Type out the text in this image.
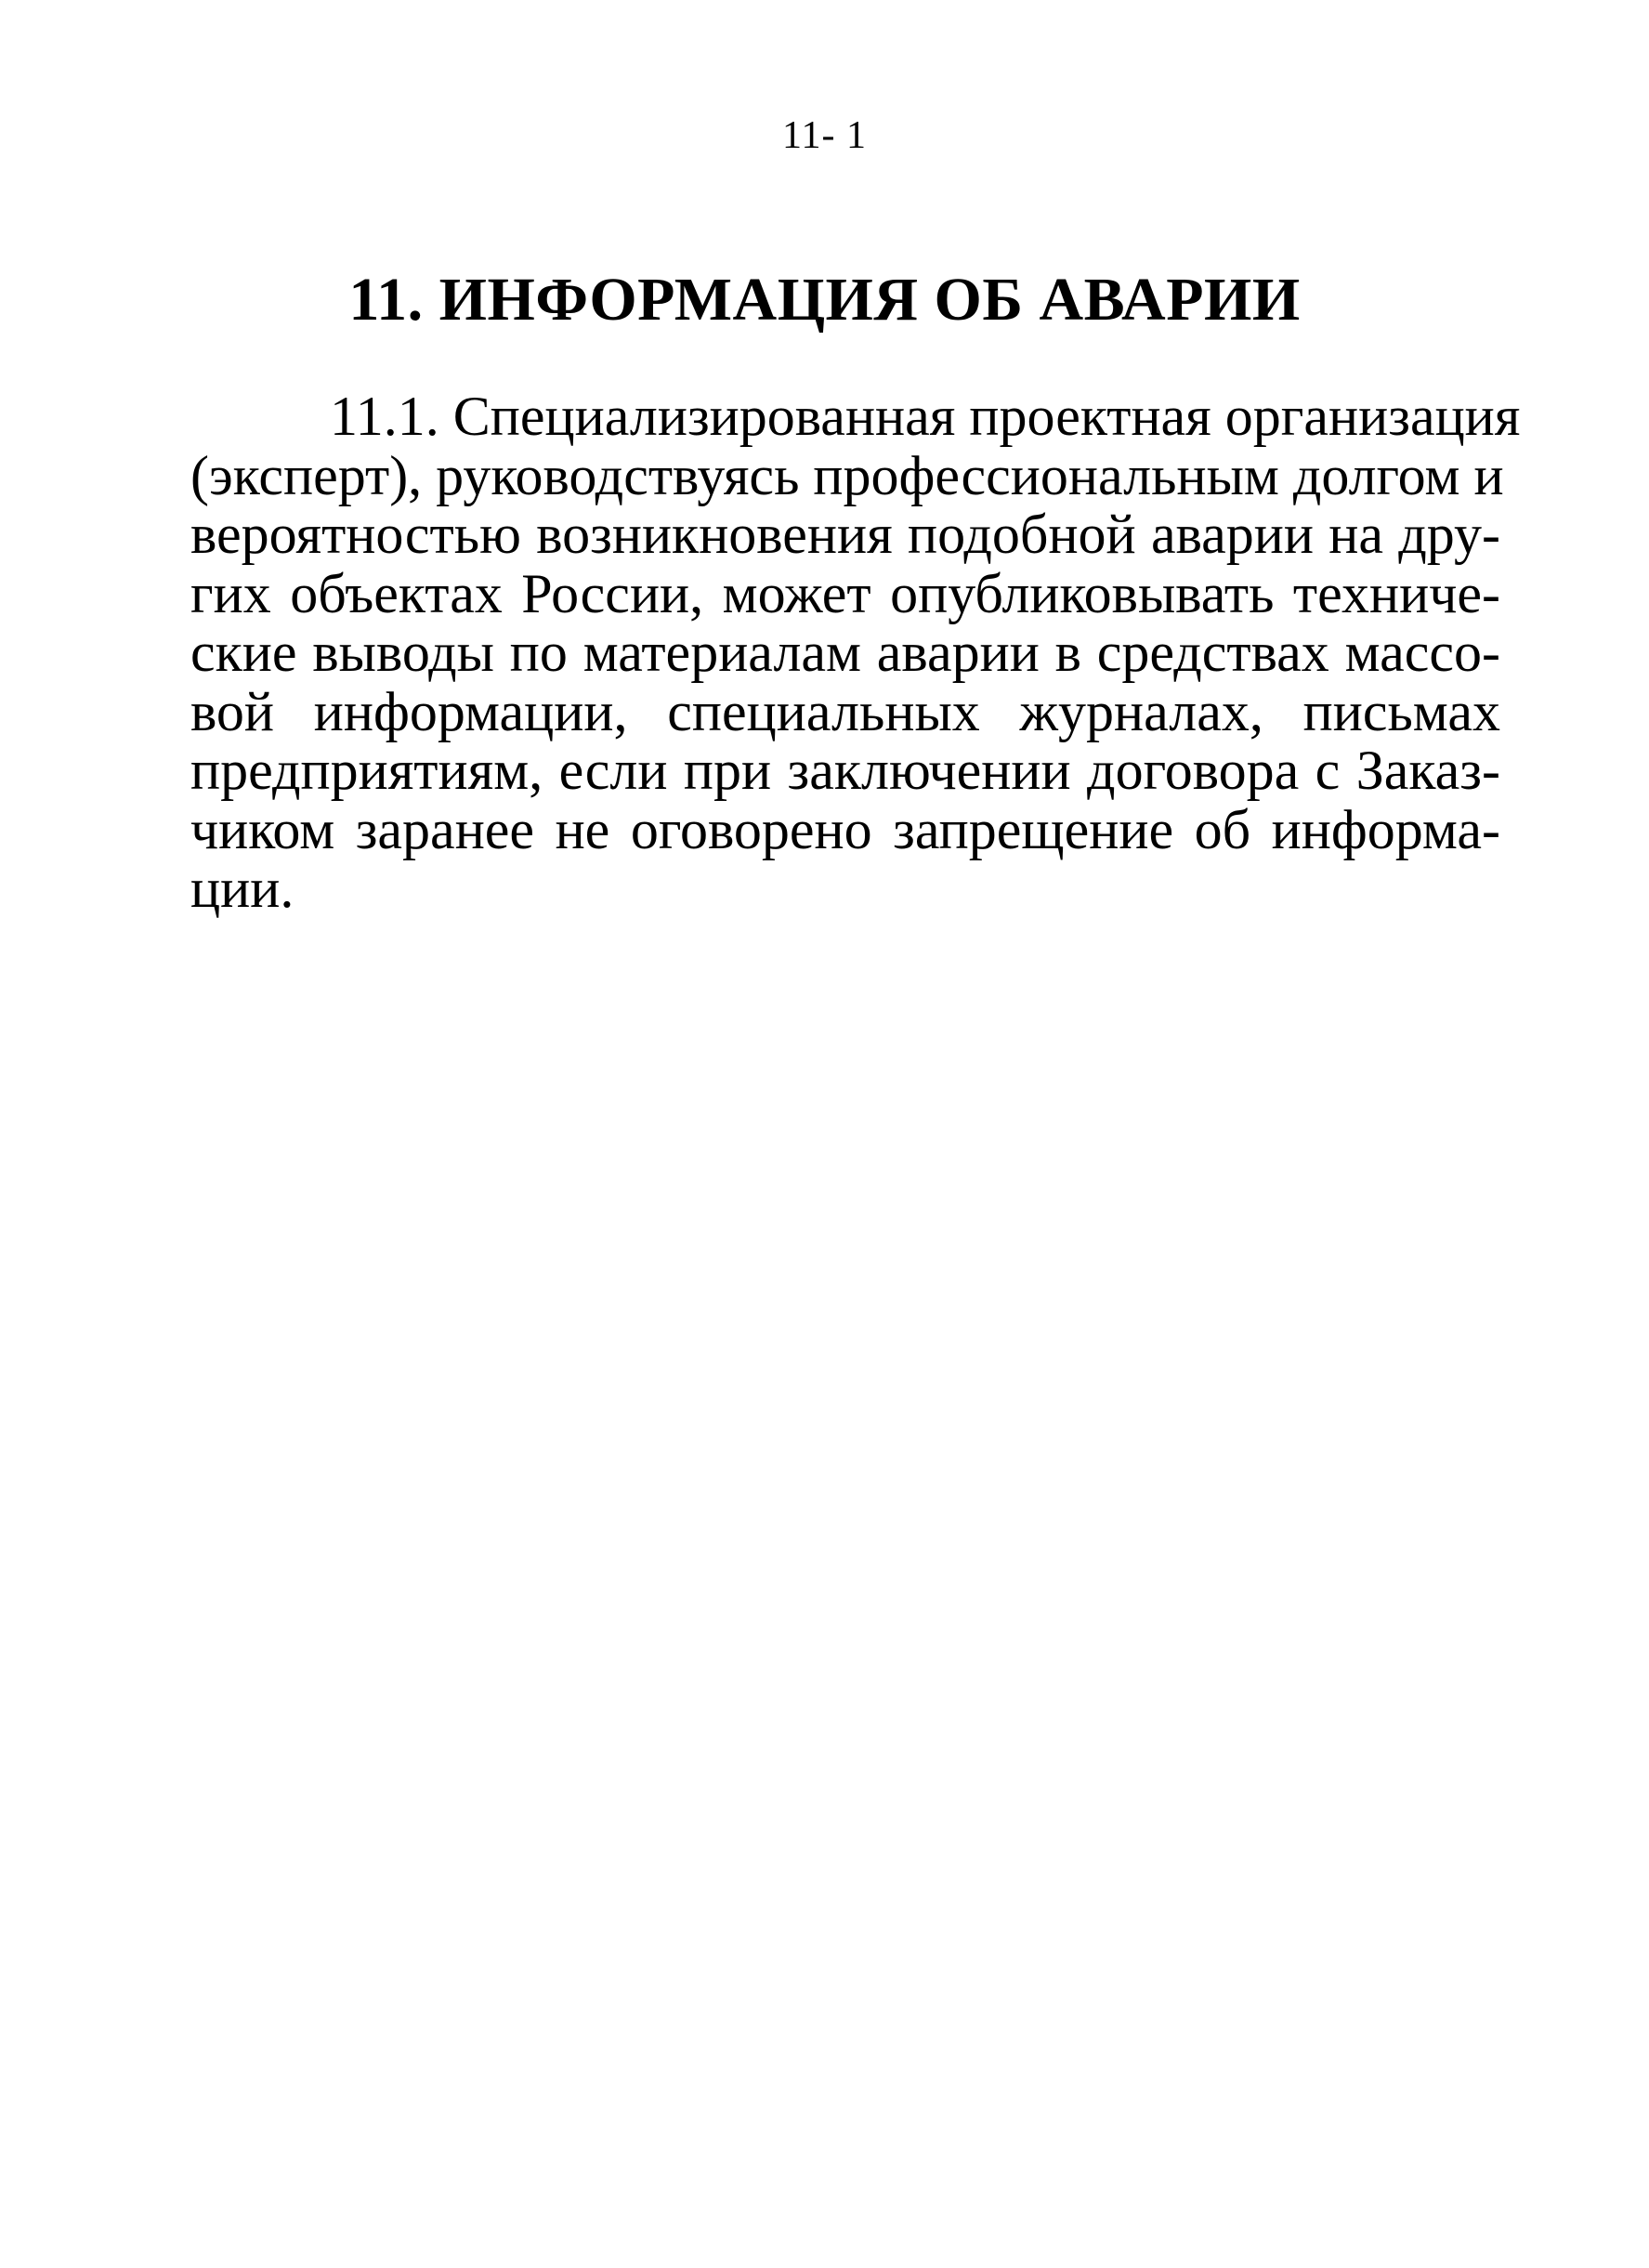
11- 1
11. ИНФОРМАЦИЯ ОБ АВАРИИ
11.1. Специализированная проектная организация
(эксперт), руководствуясь профессиональным долгом и
вероятностью возникновения подобной аварии на дру-
гих объектах России, может опубликовывать техниче-
ские выводы по материалам аварии в средствах массо-
вой информации, специальных журналах, письмах
предприятиям, если при заключении договора с Заказ-
чиком заранее не оговорено запрещение об информа-
ции.
